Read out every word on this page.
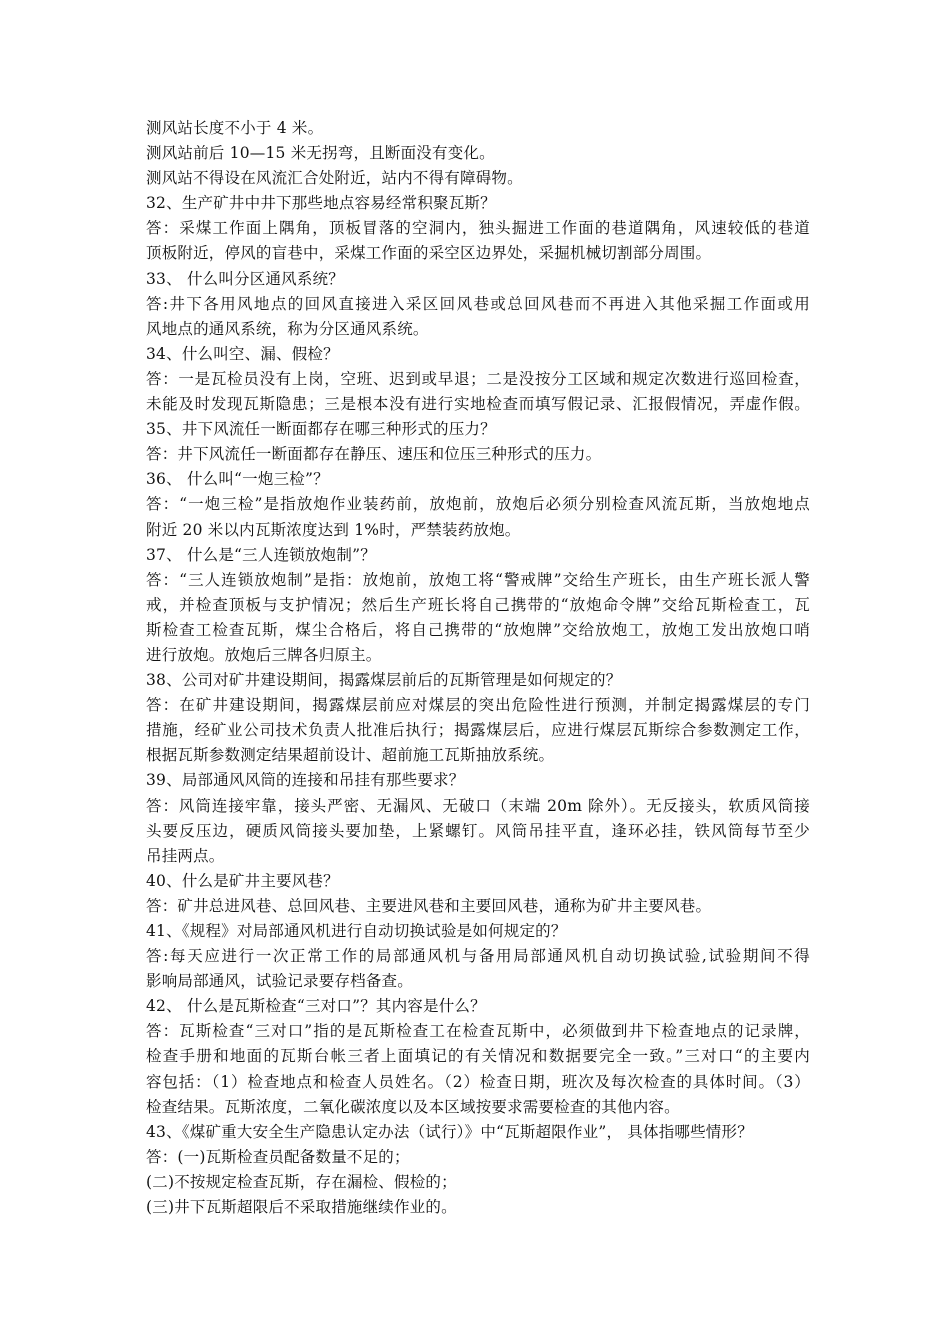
测风站长度不小于 4 米。
测风站前后 10—15 米无拐弯，且断面没有变化。
测风站不得设在风流汇合处附近，站内不得有障碍物。
32、生产矿井中井下那些地点容易经常积聚瓦斯？
答：采煤工作面上隅角，顶板冒落的空洞内，独头掘进工作面的巷道隅角，风速较低的巷道
顶板附近，停风的盲巷中，采煤工作面的采空区边界处，采掘机械切割部分周围。
33、 什么叫分区通风系统？
答:井下各用风地点的回风直接进入采区回风巷或总回风巷而不再进入其他采掘工作面或用
风地点的通风系统，称为分区通风系统。
34、什么叫空、漏、假检？
答：一是瓦检员没有上岗，空班、迟到或早退；二是没按分工区域和规定次数进行巡回检查，
未能及时发现瓦斯隐患；三是根本没有进行实地检查而填写假记录、汇报假情况，弄虚作假。
35、井下风流任一断面都存在哪三种形式的压力？
答：井下风流任一断面都存在静压、速压和位压三种形式的压力。
36、 什么叫“一炮三检”？
答：“一炮三检”是指放炮作业装药前，放炮前，放炮后必须分别检查风流瓦斯，当放炮地点
附近 20 米以内瓦斯浓度达到 1%时，严禁装药放炮。
37、 什么是“三人连锁放炮制”？
答：“三人连锁放炮制”是指：放炮前，放炮工将“警戒牌”交给生产班长，由生产班长派人警
戒，并检查顶板与支护情况；然后生产班长将自己携带的“放炮命令牌”交给瓦斯检查工，瓦
斯检查工检查瓦斯，煤尘合格后，将自己携带的“放炮牌”交给放炮工，放炮工发出放炮口哨
进行放炮。放炮后三牌各归原主。
38、公司对矿井建设期间，揭露煤层前后的瓦斯管理是如何规定的？
答：在矿井建设期间，揭露煤层前应对煤层的突出危险性进行预测，并制定揭露煤层的专门
措施，经矿业公司技术负责人批准后执行；揭露煤层后，应进行煤层瓦斯综合参数测定工作，
根据瓦斯参数测定结果超前设计、超前施工瓦斯抽放系统。
39、局部通风风筒的连接和吊挂有那些要求？
答：风筒连接牢靠，接头严密、无漏风、无破口（末端 20m 除外）。无反接头，软质风筒接
头要反压边，硬质风筒接头要加垫，上紧螺钉。风筒吊挂平直，逢环必挂，铁风筒每节至少
吊挂两点。
40、什么是矿井主要风巷？
答：矿井总进风巷、总回风巷、主要进风巷和主要回风巷，通称为矿井主要风巷。
41、《规程》对局部通风机进行自动切换试验是如何规定的？
答:每天应进行一次正常工作的局部通风机与备用局部通风机自动切换试验,试验期间不得
影响局部通风，试验记录要存档备查。
42、 什么是瓦斯检查“三对口”？其内容是什么？
答：瓦斯检查“三对口”指的是瓦斯检查工在检查瓦斯中，必须做到井下检查地点的记录牌，
检查手册和地面的瓦斯台帐三者上面填记的有关情况和数据要完全一致。”三对口“的主要内
容包括：（1）检查地点和检查人员姓名。（2）检查日期，班次及每次检查的具体时间。（3）
检查结果。瓦斯浓度，二氧化碳浓度以及本区域按要求需要检查的其他内容。
43、《煤矿重大安全生产隐患认定办法（试行）》中“瓦斯超限作业”， 具体指哪些情形？
答：(一)瓦斯检查员配备数量不足的；
(二)不按规定检查瓦斯，存在漏检、假检的；
(三)井下瓦斯超限后不采取措施继续作业的。
